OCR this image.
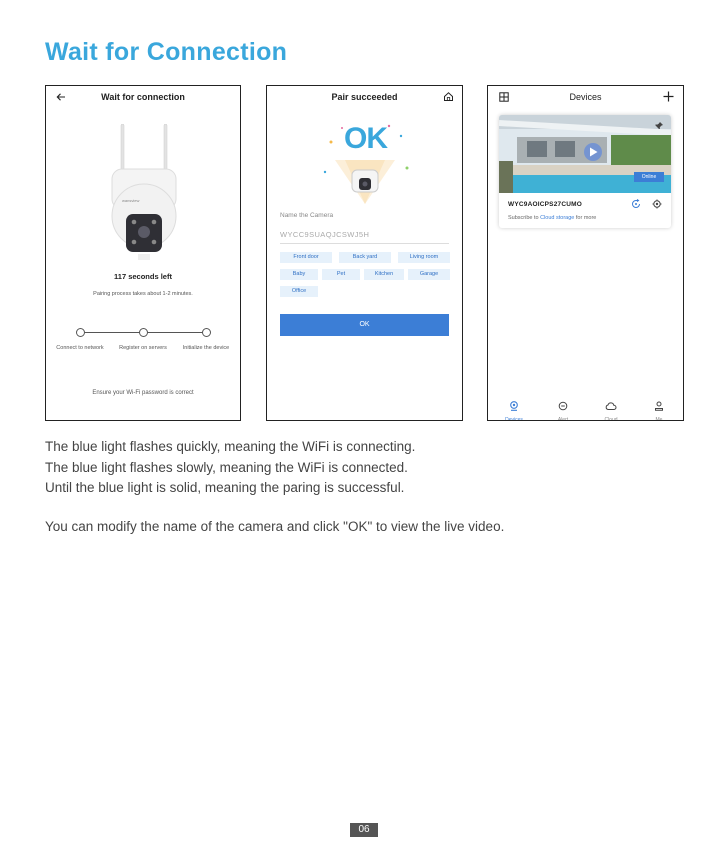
Wait for Connection
Wait for connection
wansview
117 seconds left
Pairing process takes about 1-2 minutes.
Connect to network	Register on servers	Initialize the device
Ensure your Wi-Fi password is correct
Pair succeeded
OK
Name the Camera
WYCC9SUAQJCSWJ5H
Front door	Back yard	Living room
Baby	Pet	Kitchen	Garage
Office
OK
Devices
Online
WYC9AOICPS27CUMO
Subscribe to Cloud storage for more
Devices	Alert	Cloud	Me
The blue light flashes quickly, meaning the WiFi is connecting.
The blue light flashes slowly, meaning the WiFi is connected.
Until the blue light is solid, meaning the paring is successful.
You can modify the name of the camera and click "OK" to view the live video.
06
